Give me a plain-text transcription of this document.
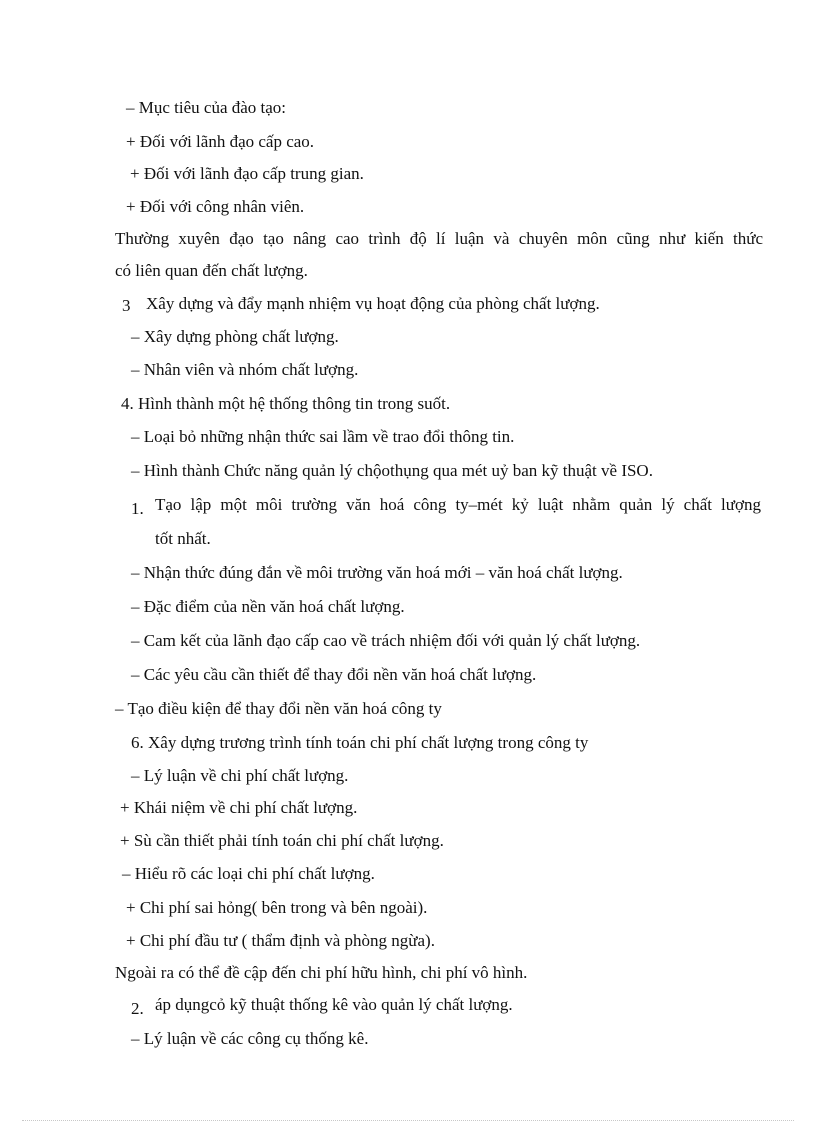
– Mục tiêu của đào tạo:
+ Đối với lãnh đạo cấp cao.
+ Đối với lãnh đạo cấp trung gian.
+ Đối với công nhân viên.
Thường xuyên đạo tạo nâng cao trình độ lí luận và chuyên môn cũng như kiến thức
có liên quan đến chất lượng.
3 Xây dựng và đẩy mạnh nhiệm vụ hoạt động của phòng chất lượng.
– Xây dựng phòng chất lượng.
– Nhân viên và nhóm chất lượng.
4. Hình thành một hệ thống thông tin trong suốt.
– Loại bỏ những nhận thức sai lầm về trao đổi thông tin.
– Hình thành Chức năng quản lý chộothụng qua mét uỷ ban kỹ thuật về ISO.
1. Tạo lập một môi trường văn hoá công ty–mét kỷ luật nhằm quản lý chất lượng
tốt nhất.
– Nhận thức đúng đắn về môi trường văn hoá mới – văn hoá chất lượng.
– Đặc điểm của nền văn hoá chất lượng.
– Cam kết của lãnh đạo cấp cao về trách nhiệm đối với quản lý chất lượng.
– Các yêu cầu cần thiết để thay đổi nền văn hoá chất lượng.
– Tạo điều kiện để thay đổi nền văn hoá công ty
6. Xây dựng trương trình tính toán chi phí chất lượng trong công ty
– Lý luận về chi phí chất lượng.
+ Khái niệm về chi phí chất lượng.
+ Sù cần thiết phải tính toán chi phí chất lượng.
– Hiểu rõ các loại chi phí chất lượng.
+ Chi phí sai hỏng( bên trong và bên ngoài).
+ Chi phí đầu tư ( thẩm định và phòng ngừa).
Ngoài ra có thể đề cập đến chi phí hữu hình, chi phí vô hình.
2. áp dụngcỏ kỹ thuật thống kê vào quản lý chất lượng.
– Lý luận về các công cụ thống kê.
